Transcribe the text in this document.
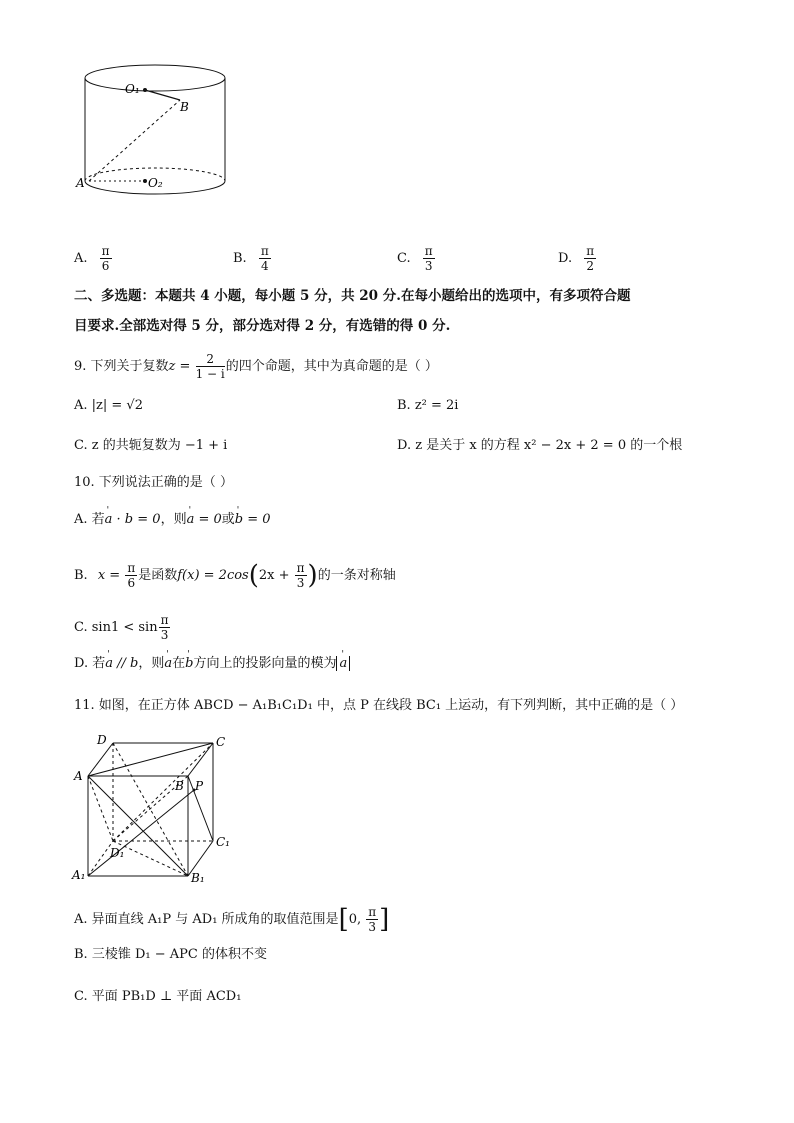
O₁
B
A	O₂
A. $\frac{\pi}{6}$	B. $\frac{\pi}{4}$	C. $\frac{\pi}{3}$	D. $\frac{\pi}{2}$
二、多选题：本题共 4 小题，每小题 5 分，共 20 分.在每小题给出的选项中，有多项符合题
目要求.全部选对得 5 分，部分选对得 2 分，有选错的得 0 分.
9. 下列关于复数$z = \frac{2}{1 - i}$ 的四个命题，其中为真命题的是（ ）
A. |z| = √2	B. z² = 2i
C. z 的共轭复数为 −1 + i	D. z 是关于 x 的方程 x² − 2x + 2 = 0 的一个根
10. 下列说法正确的是（ ）
A. 若' a · b = 0，则' a = 0或' b = 0
B. $x = \frac{\pi}{6}$ 是函数$f(x) = 2\cos(2x + \frac{\pi}{3}$ )的一条对称轴
C. $\sin 1 < \sin \frac{\pi}{3}$
D. 若' a // b，则' a在' b方向上的投影向量的模为' a
11. 如图，在正方体 ABCD − A₁B₁C₁D₁ 中，点 P 在线段 BC₁ 上运动，有下列判断，其中正确的是（ ）
D	C
A
B P
C₁
D₁
A₁	B₁
A. 异面直线 A₁P 与 AD₁ 所成角的取值范围是[0, $\frac{\pi}{3}$ ]
B. 三棱锥 D₁ − APC 的体积不变
C. 平面 PB₁D ⊥ 平面 ACD₁
